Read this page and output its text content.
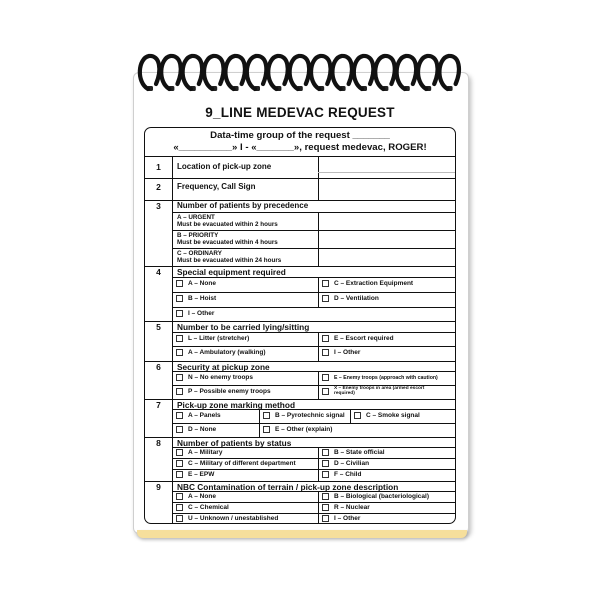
9_LINE MEDEVAC REQUEST
Data-time group of the request _______
«__________» I - «_______», request medevac, ROGER!
1	Location of pick-up zone
2	Frequency, Call Sign
3	Number of patients by precedence
A – URGENT
Must be evacuated within 2 hours
B – PRIORITY
Must be evacuated within 4 hours
C – ORDINARY
Must be evacuated within 24 hours
4	Special equipment required
A – None	C – Extraction Equipment
B – Hoist	D – Ventilation
I – Other
5	Number to be carried lying/sitting
L – Litter (stretcher)	E – Escort required
A – Ambulatory (walking)	I – Other
6	Security at pickup zone
N – No enemy troops	E – Enemy troops (approach with caution)
P – Possible enemy troops	X – Enemy troops in area (armed escort
required)
7	Pick-up zone marking method
A – Panels	B – Pyrotechnic signal	C – Smoke signal
D – None	E – Other (explain)
8	Number of patients by status
A – Military	B – State official
C – Military of different department	D – Civilian
E – EPW	F – Child
9	NBC Contamination of terrain / pick-up zone description
A – None	B – Biological (bacteriological)
C – Chemical	R – Nuclear
U – Unknown / unestablished	I – Other
